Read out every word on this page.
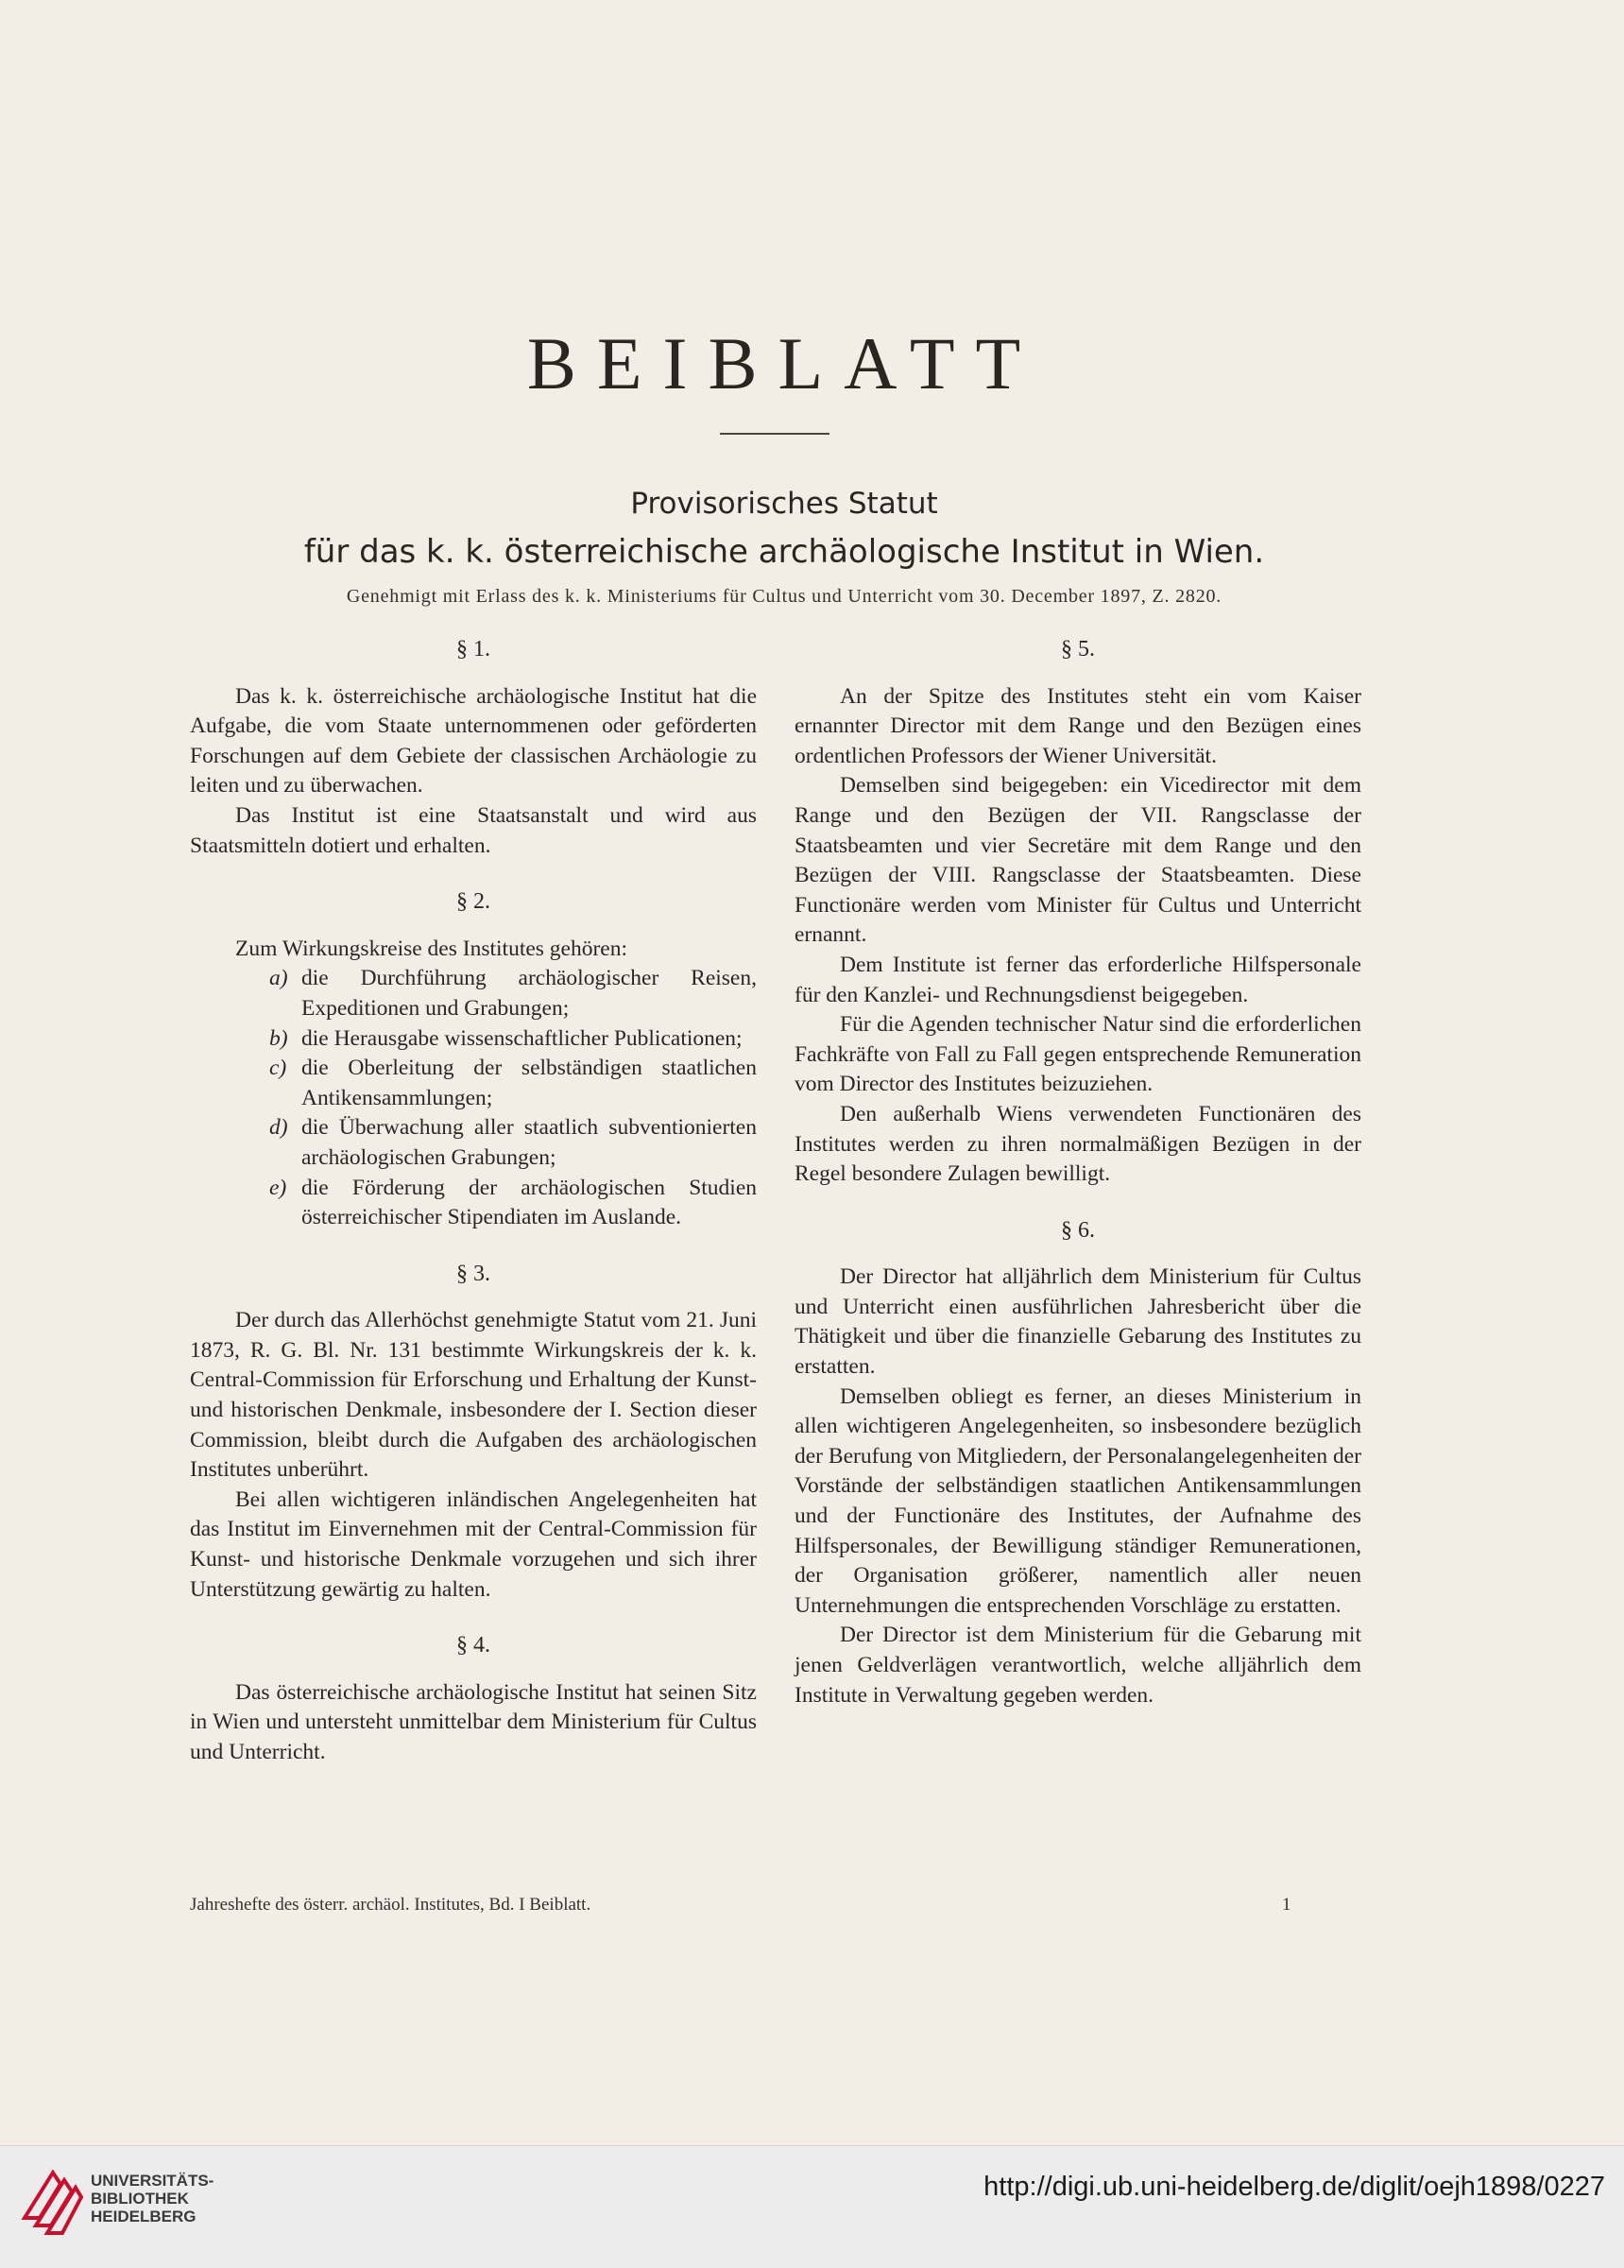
BEIBLATT
Provisorisches Statut
für das k. k. österreichische archäologische Institut in Wien.
Genehmigt mit Erlass des k. k. Ministeriums für Cultus und Unterricht vom 30. December 1897, Z. 2820.
§ 1.

Das k. k. österreichische archäologische Institut hat die Aufgabe, die vom Staate unternommenen oder geförderten Forschungen auf dem Gebiete der classischen Archäologie zu leiten und zu überwachen.

Das Institut ist eine Staatsanstalt und wird aus Staatsmitteln dotiert und erhalten.

§ 2.

Zum Wirkungskreise des Institutes gehören:

a) die Durchführung archäologischer Reisen, Expeditionen und Grabungen;
b) die Herausgabe wissenschaftlicher Publicationen;
c) die Oberleitung der selbständigen staatlichen Antikensammlungen;
d) die Überwachung aller staatlich subventionierten archäologischen Grabungen;
e) die Förderung der archäologischen Studien österreichischer Stipendiaten im Auslande.
§ 3.

Der durch das Allerhöchst genehmigte Statut vom 21. Juni 1873, R. G. Bl. Nr. 131 bestimmte Wirkungskreis der k. k. Central-Commission für Erforschung und Erhaltung der Kunst- und historischen Denkmale, insbesondere der I. Section dieser Commission, bleibt durch die Aufgaben des archäologischen Institutes unberührt.

Bei allen wichtigeren inländischen Angelegenheiten hat das Institut im Einvernehmen mit der Central-Commission für Kunst- und historische Denkmale vorzugehen und sich ihrer Unterstützung gewärtig zu halten.

§ 4.

Das österreichische archäologische Institut hat seinen Sitz in Wien und untersteht unmittelbar dem Ministerium für Cultus und Unterricht.

§ 5.

An der Spitze des Institutes steht ein vom Kaiser ernannter Director mit dem Range und den Bezügen eines ordentlichen Professors der Wiener Universität.

Demselben sind beigegeben: ein Vicedirector mit dem Range und den Bezügen der VII. Rangsclasse der Staatsbeamten und vier Secretäre mit dem Range und den Bezügen der VIII. Rangsclasse der Staatsbeamten. Diese Functionäre werden vom Minister für Cultus und Unterricht ernannt.

Dem Institute ist ferner das erforderliche Hilfspersonale für den Kanzlei- und Rechnungsdienst beigegeben.

Für die Agenden technischer Natur sind die erforderlichen Fachkräfte von Fall zu Fall gegen entsprechende Remuneration vom Director des Institutes beizuziehen.

Den außerhalb Wiens verwendeten Functionären des Institutes werden zu ihren normalmäßigen Bezügen in der Regel besondere Zulagen bewilligt.

§ 6.

Der Director hat alljährlich dem Ministerium für Cultus und Unterricht einen ausführlichen Jahresbericht über die Thätigkeit und über die finanzielle Gebarung des Institutes zu erstatten.

Demselben obliegt es ferner, an dieses Ministerium in allen wichtigeren Angelegenheiten, so insbesondere bezüglich der Berufung von Mitgliedern, der Personalangelegenheiten der Vorstände der selbständigen staatlichen Antikensammlungen und der Functionäre des Institutes, der Aufnahme des Hilfspersonales, der Bewilligung ständiger Remunerationen, der Organisation größerer, namentlich aller neuen Unternehmungen die entsprechenden Vorschläge zu erstatten.

Der Director ist dem Ministerium für die Gebarung mit jenen Geldverlägen verantwortlich, welche alljährlich dem Institute in Verwaltung gegeben werden.

Jahreshefte des österr. archäol. Institutes, Bd. I Beiblatt.	1
UNIVERSITÄTS-
BIBLIOTHEK
HEIDELBERG
http://digi.ub.uni-heidelberg.de/diglit/oejh1898/0227
